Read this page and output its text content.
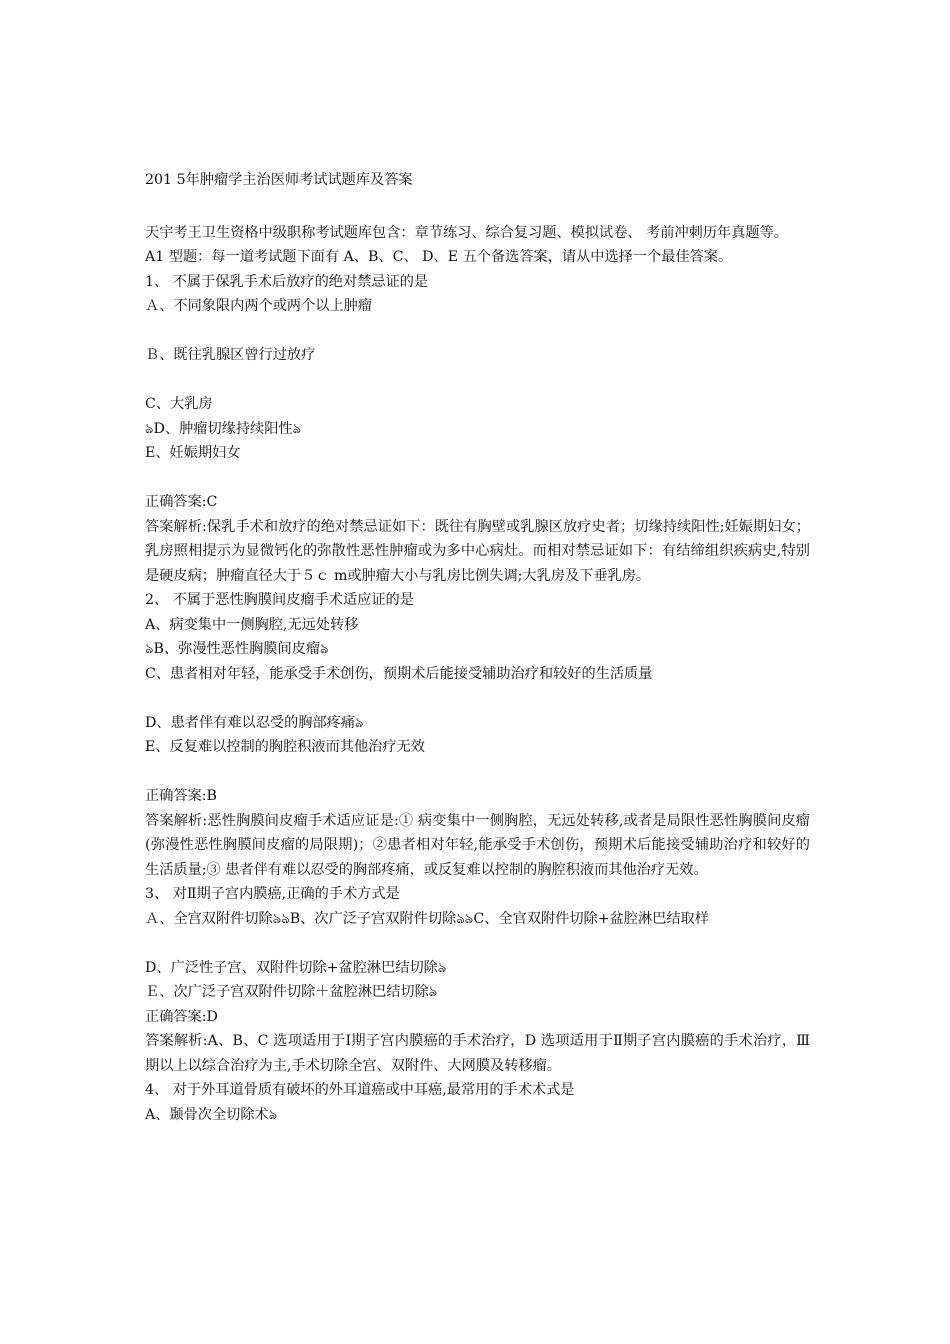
201 5年肿瘤学主治医师考试试题库及答案
天宇考王卫生资格中级职称考试题库包含：章节练习、综合复习题、模拟试卷、 考前冲刺历年真题等。
A1 型题：每一道考试题下面有 A、B、C、 D、E 五个备选答案，请从中选择一个最佳答案。
1、 不属于保乳手术后放疗的绝对禁忌证的是
Ａ、不同象限内两个或两个以上肿瘤
Ｂ、既往乳腺区曾行过放疗
C、大乳房
ঌD、肿瘤切缘持续阳性ঌ
E、妊娠期妇女
正确答案:C
答案解析:保乳手术和放疗的绝对禁忌证如下：既往有胸壁或乳腺区放疗史者；切缘持续阳性;妊娠期妇女；乳房照相提示为显微钙化的弥散性恶性肿瘤或为多中心病灶。而相对禁忌证如下：有结缔组织疾病史,特别是硬皮病；肿瘤直径大于５ｃ m或肿瘤大小与乳房比例失调;大乳房及下垂乳房。
2、 不属于恶性胸膜间皮瘤手术适应证的是
A、病变集中一侧胸腔,无远处转移
ঌB、弥漫性恶性胸膜间皮瘤ঌ
C、患者相对年轻，能承受手术创伤，预期术后能接受辅助治疗和较好的生活质量
D、患者伴有难以忍受的胸部疼痛ঌ
E、反复难以控制的胸腔积液而其他治疗无效
正确答案:B
答案解析:恶性胸膜间皮瘤手术适应证是:① 病变集中一侧胸腔，无远处转移,或者是局限性恶性胸膜间皮瘤(弥漫性恶性胸膜间皮瘤的局限期)；②患者相对年轻,能承受手术创伤，预期术后能接受辅助治疗和较好的生活质量;③ 患者伴有难以忍受的胸部疼痛，或反复难以控制的胸腔积液而其他治疗无效。
3、 对Ⅱ期子宫内膜癌,正确的手术方式是
Ａ、全宫双附件切除ঌঌB、次广泛子宫双附件切除ঌঌC、全官双附件切除+盆腔淋巴结取样
D、广泛性子宫、双附件切除+盆腔淋巴结切除ঌ
Ｅ、次广泛子宫双附件切除＋盆腔淋巴结切除ঌ
正确答案:D
答案解析:A、B、C 选项适用于Ⅰ期子宫内膜癌的手术治疗，D 选项适用于Ⅱ期子宫内膜癌的手术治疗，Ⅲ期以上以综合治疗为主,手术切除全宫、双附件、大网膜及转移瘤。
4、 对于外耳道骨质有破坏的外耳道癌或中耳癌,最常用的手术术式是
A、颞骨次全切除术ঌ
